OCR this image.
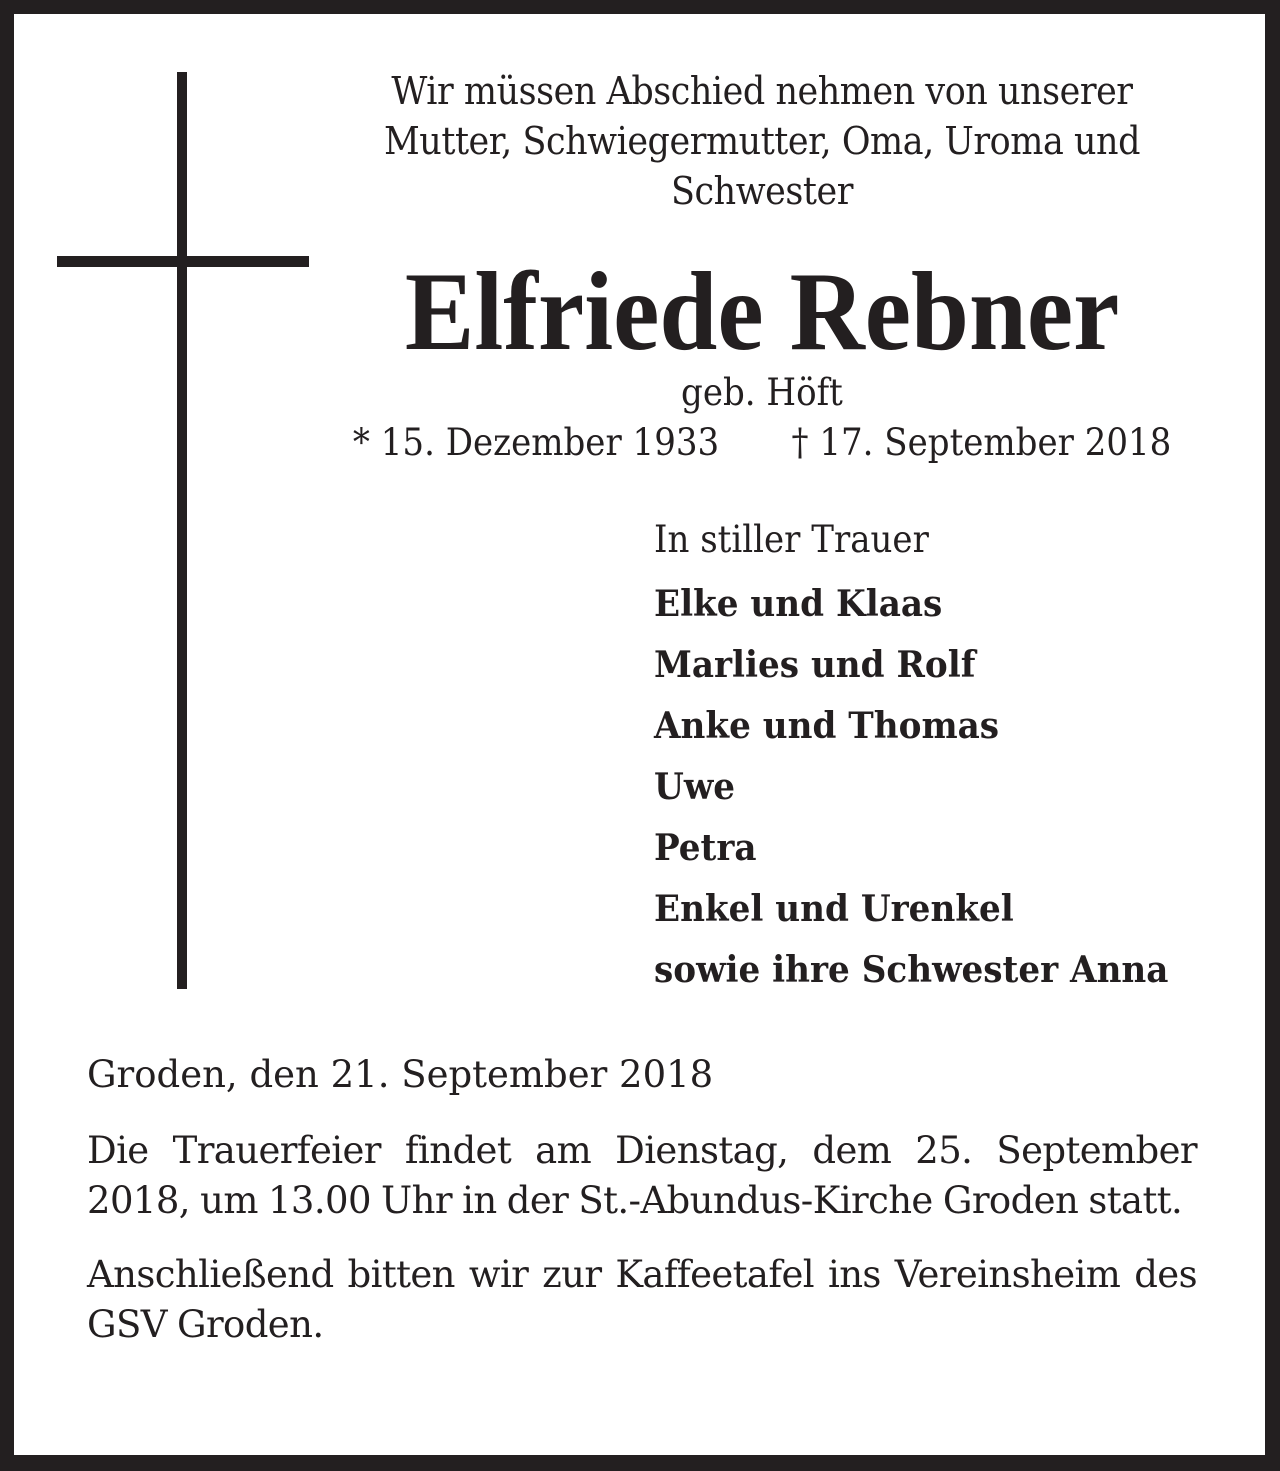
Wir müssen Abschied nehmen von unserer
Mutter, Schwiegermutter, Oma, Uroma und
Schwester
Elfriede Rebner
geb. Höft
* 15. Dezember 1933 † 17. September 2018
In stiller Trauer
Elke und Klaas
Marlies und Rolf
Anke und Thomas
Uwe
Petra
Enkel und Urenkel
sowie ihre Schwester Anna

Groden, den 21. September 2018

Die Trauerfeier findet am Dienstag, dem 25. September 2018, um 13.00 Uhr in der St.-Abundus-Kirche Groden statt.

Anschließend bitten wir zur Kaffeetafel ins Vereinsheim des GSV Groden.
